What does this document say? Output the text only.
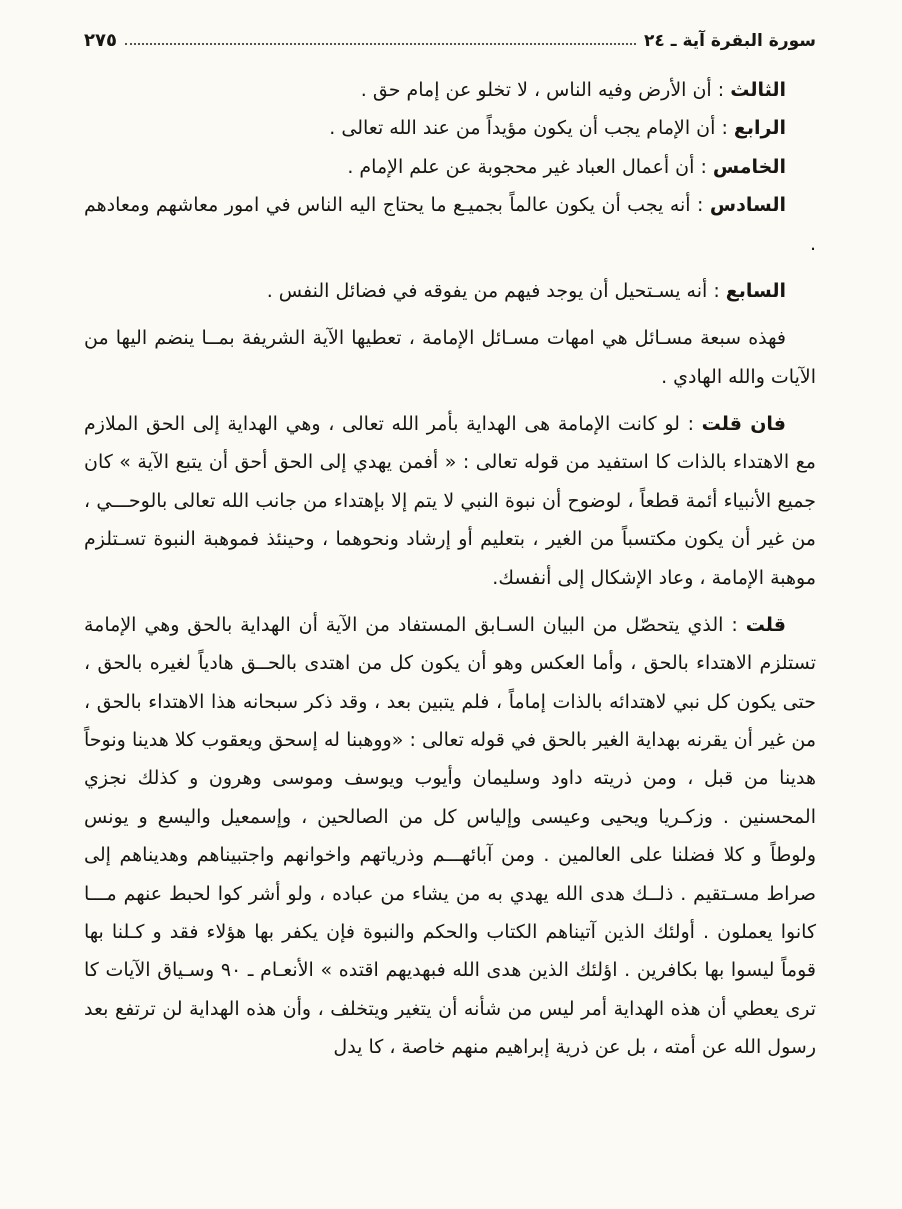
سورة البقرة آية ـ ٢٤
٢٧٥

الثالث : أن الأرض وفيه الناس ، لا تخلو عن إمام حق .

الرابع : أن الإمام يجب أن يكون مؤيداً من عند الله تعالى .

الخامس : أن أعمال العباد غير محجوبة عن علم الإمام .

السادس : أنه يجب أن يكون عالماً بجميـع ما يحتاج اليه الناس في امور معاشهم ومعادهم .

السابع : أنه يسـتحيل أن يوجد فيهم من يفوقه في فضائل النفس .

فهذه سبعة مسـائل هي امهات مسـائل الإمامة ، تعطيها الآية الشريفة بمــا ينضم اليها من الآيات والله الهادي .

فان قلت : لو كانت الإمامة هى الهداية بأمر الله تعالى ، وهي الهداية إلى الحق الملازم مع الاهتداء بالذات كا استفيد من قوله تعالى : « أفمن يهدي إلى الحق أحق أن يتبع الآية » كان جميع الأنبياء أئمة قطعاً ، لوضوح أن نبوة النبي لا يتم إلا بإهتداء من جانب الله تعالى بالوحـــي ، من غير أن يكون مكتسباً من الغير ، بتعليم أو إرشاد ونحوهما ، وحينئذ فموهبة النبوة تسـتلزم موهبة الإمامة ، وعاد الإشكال إلى أنفسك.

قلت : الذي يتحصّل من البيان السـابق المستفاد من الآية أن الهداية بالحق وهي الإمامة تستلزم الاهتداء بالحق ، وأما العكس وهو أن يكون كل من اهتدى بالحــق هادياً لغيره بالحق ، حتى يكون كل نبي لاهتدائه بالذات إماماً ، فلم يتبين بعد ، وقد ذكر سبحانه هذا الاهتداء بالحق ، من غير أن يقرنه بهداية الغير بالحق في قوله تعالى : «ووهبنا له إسحق ويعقوب كلا هدينا ونوحاً هدينا من قبل ، ومن ذريته داود وسليمان وأيوب ويوسف وموسى وهرون و كذلك نجزي المحسنين . وزكـريا ويحيى وعيسى وإلياس كل من الصالحين ، وإسمعيل واليسع و يونس ولوطاً و كلا فضلنا على العالمين . ومن آبائهـــم وذرياتهم واخوانهم واجتبيناهم وهديناهم إلى صراط مسـتقيم . ذلــك هدى الله يهدي به من يشاء من عباده ، ولو أشر كوا لحبط عنهم مـــا كانوا يعملون . أولئك الذين آتيناهم الكتاب والحكم والنبوة فإن يكفر بها هؤلاء فقد و كـلنا بها قوماً ليسوا بها بكافرين . اؤلئك الذين هدى الله فبهديهم اقتده » الأنعـام ـ ٩٠ وسـياق الآيات كا ترى يعطي أن هذه الهداية أمر ليس من شأنه أن يتغير ويتخلف ، وأن هذه الهداية لن ترتفع بعد رسول الله عن أمته ، بل عن ذرية إبراهيم منهم خاصة ، كا يدل
